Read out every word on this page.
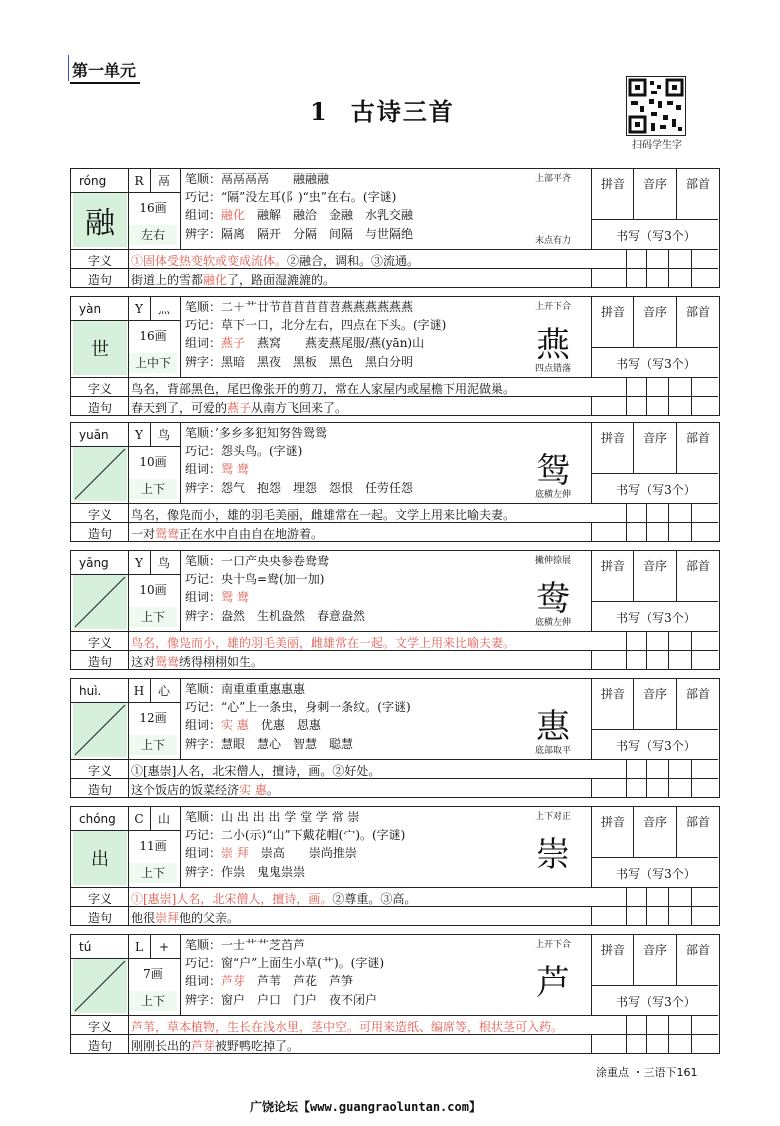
第一单元
1 古诗三首
扫码学生字
róng	R	鬲
融	16画
左右
笔顺：鬲鬲鬲鬲　　融融融
巧记：“隔”没左耳(阝)“虫”在右。(字谜)
组词：融化　融解　融洽　金融　水乳交融
辨字：隔离　隔开　分隔　间隔　与世隔绝
上部平齐
末点有力
拼音	音序	部首
书写（写3个）
字义	①固体受热变软或变成流体。②融合，调和。③流通。
造句	街道上的雪都融化了，路面湿漉漉的。
yàn	Y	灬
世
16画
上中下
笔顺：二＋艹廿节苜苜苜苜苕燕燕燕燕燕燕
巧记：草下一口，北分左右，四点在下头。(字谜)
组词：燕子　燕窝　　燕麦燕尾服/燕(yān)山
辨字：黑暗　黑夜　黑板　黑色　黑白分明
上开下合
燕
四点错落
拼音	音序	部首
书写（写3个）
字义	鸟名，背部黑色，尾巴像张开的剪刀，常在人家屋内或屋檐下用泥做巢。
造句	春天到了，可爱的燕子从南方飞回来了。
yuān	Y	鸟
10画
上下
笔顺：’多乡多犯知努咎鸳鸳
巧记：怨头鸟。(字谜)
组词：鸳 鸯
辨字：怨气　抱怨　埋怨　怨恨　任劳任怨	鸳
底横左伸
拼音	音序	部首
书写（写3个）
字义	鸟名，像凫而小，雄的羽毛美丽，雌雄常在一起。文学上用来比喻夫妻。
造句	一对鸳鸯正在水中自由自在地游着。
yāng	Y	鸟
10画
上下
笔顺：一口产央央参卷鸯鸯
巧记：央十鸟=鸯(加一加)
组词：鸳 鸯
辨字：盎然　生机盎然　春意盎然
撇伸捺展
鸯
底横左伸
拼音	音序	部首
书写（写3个）
字义	鸟名，像凫而小，雄的羽毛美丽，雌雄常在一起。文学上用来比喻夫妻。
造句	这对鸳鸯绣得栩栩如生。
huì.	H	心
12画
上下
笔顺：南重重重惠惠惠
巧记：“心”上一条虫，身刺一条纹。(字谜)
组词：实 惠　优惠　恩惠
辨字：慧眼　慧心　智慧　聪慧	惠
底部取平
拼音	音序	部首
书写（写3个）
字义	①[惠崇]人名，北宋僧人，擅诗，画。②好处。
造句	这个饭店的饭菜经济实 惠。
chóng	C	山
出
11画
上下
笔顺：山 出 出 出 学 堂 学 常 崇
巧记：二小(示)“山”下戴花帽(宀)。(字谜)
组词：崇 拜　崇高　　崇尚推崇
辨字：作祟　鬼鬼祟祟
上下对正
崇
拼音	音序	部首
书写（写3个）
字义	①[惠崇]人名，北宋僧人，擅诗，画。②尊重。③高。
造句	他很崇拜他的父亲。
tú	L	+
7画
上下
笔顺：一士艹艹芝苩芦
巧记：窗“户”上面生小草(艹)。(字谜)
组词：芦芽　芦苇　芦花　芦笋
辨字：窗户　户口　门户　夜不闭户
上开下合
芦
拼音	音序	部首
书写（写3个）
字义	芦苇，草本植物，生长在浅水里，茎中空。可用来造纸、编席等，根状茎可入药。
造句	刚刚长出的芦芽被野鸭吃掉了。
涂重点 ・三语下161
广饶论坛【www.guangraoluntan.com】
